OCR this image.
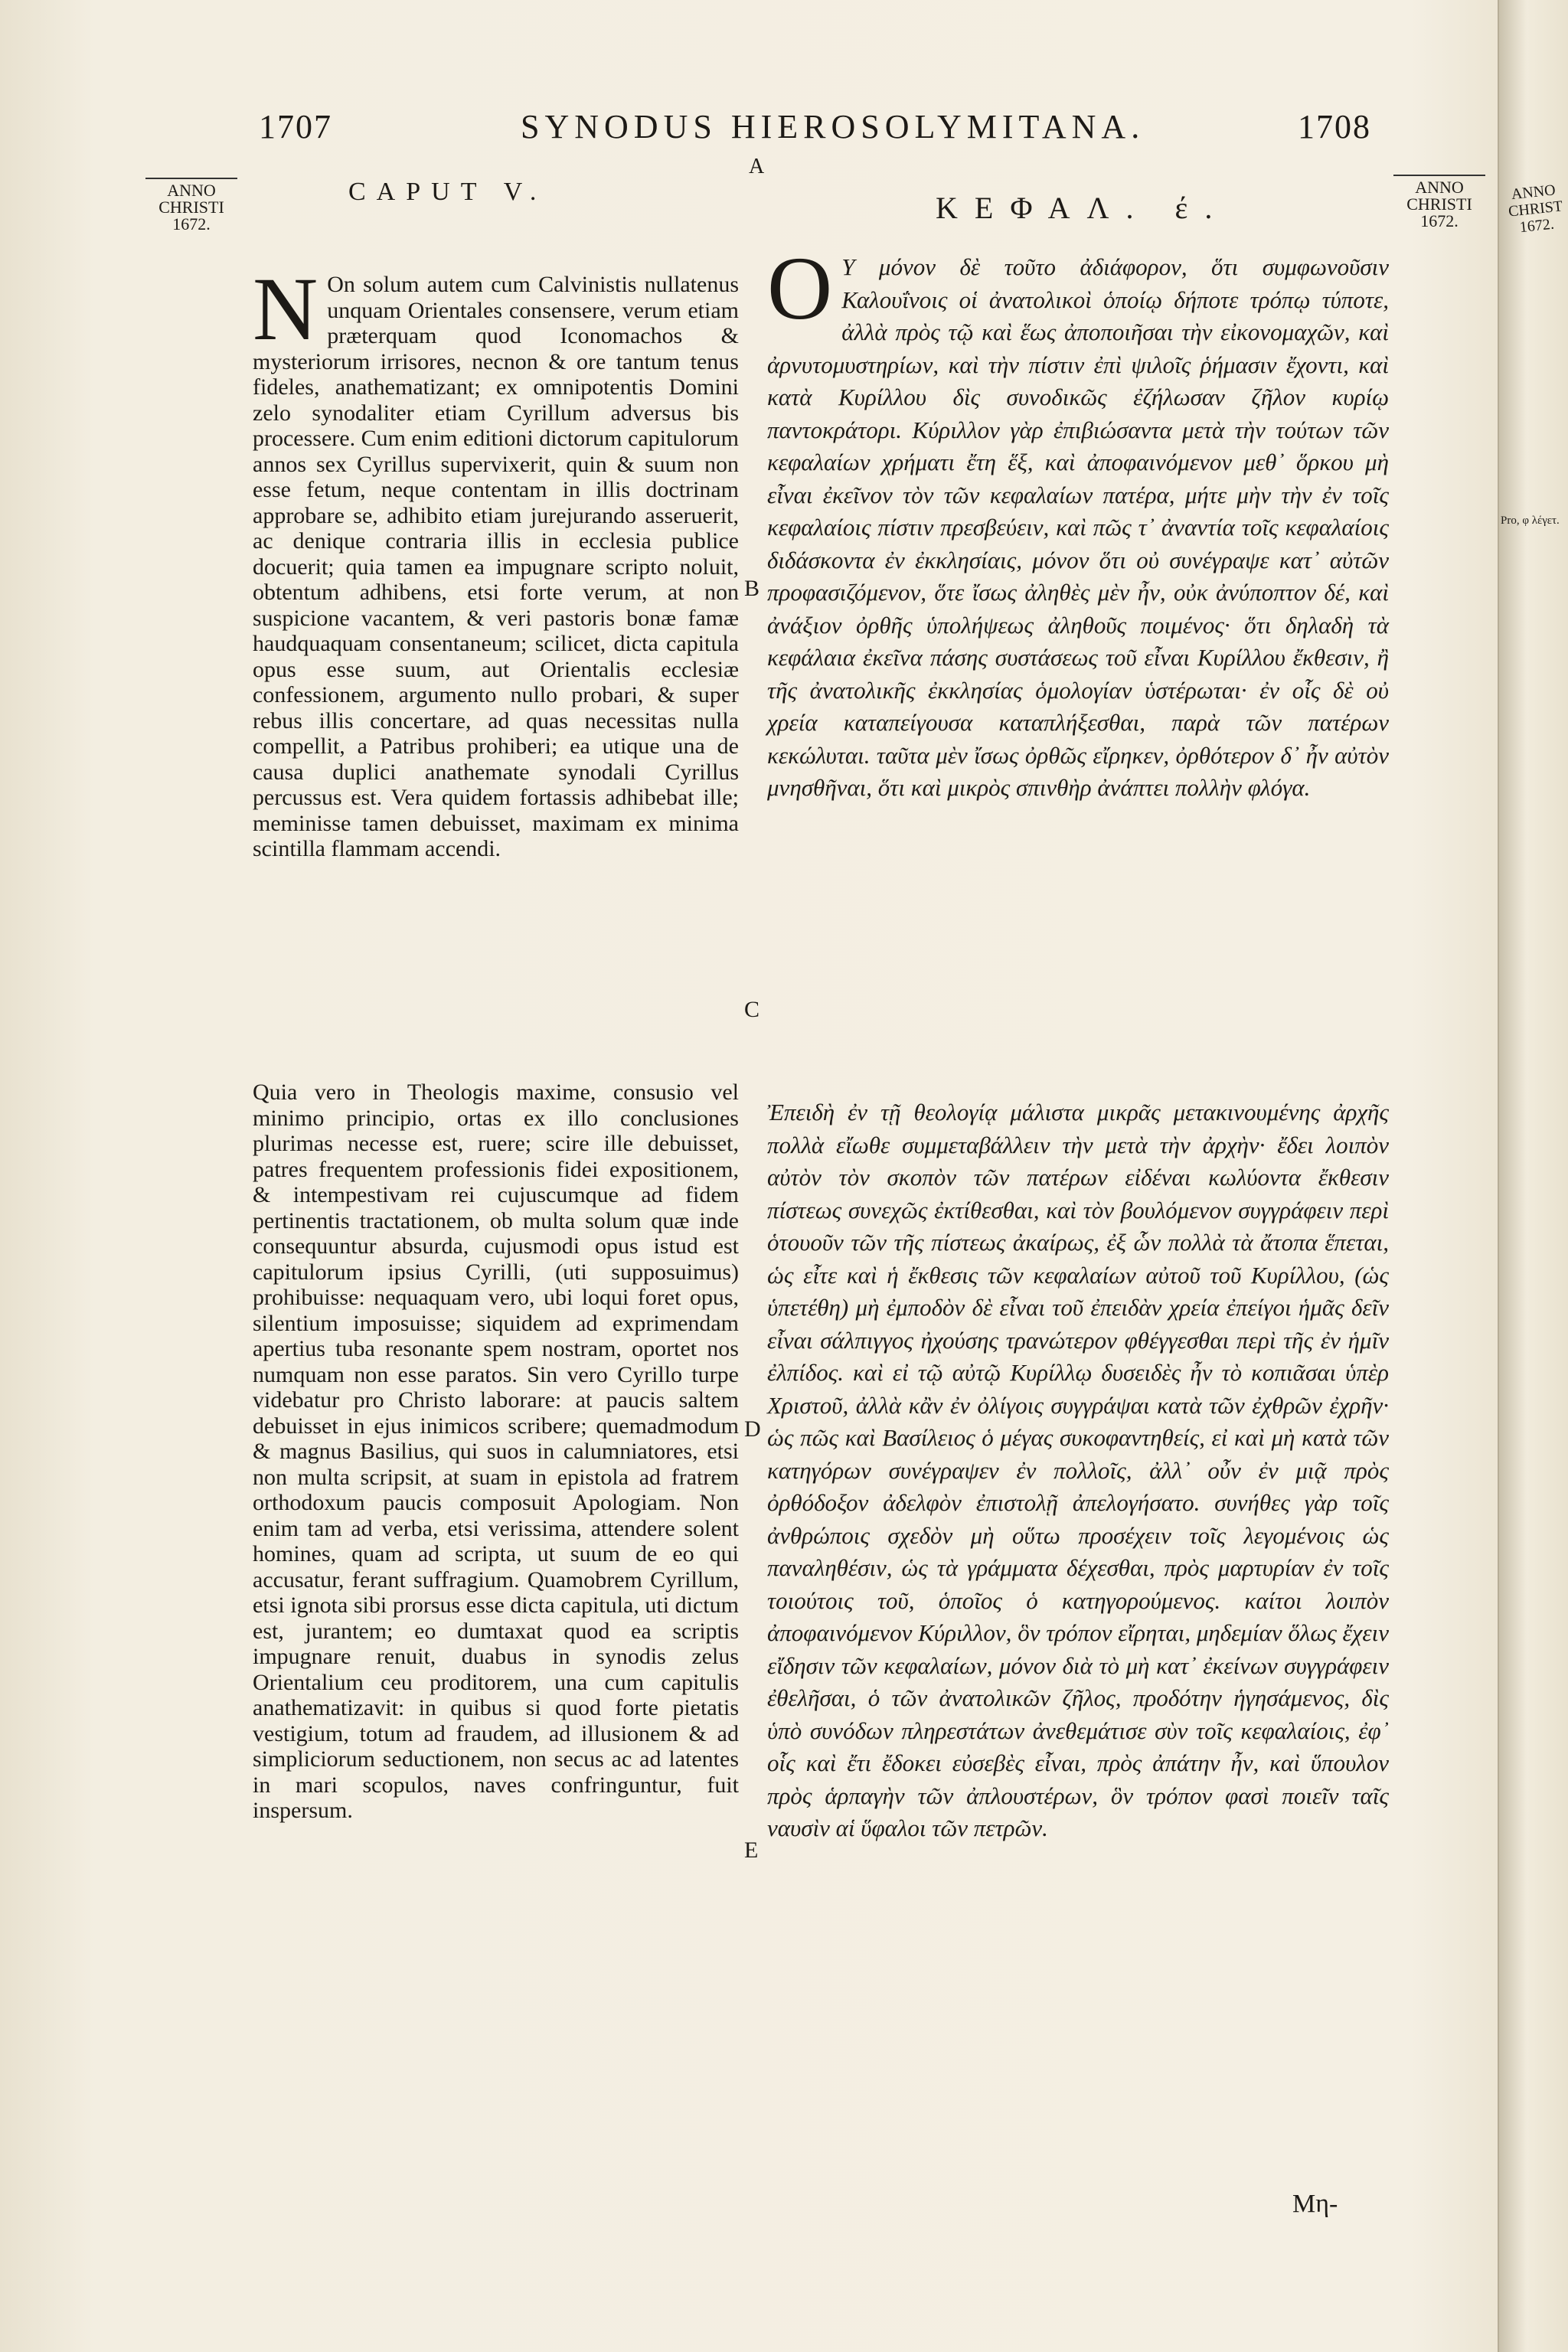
1707	SYNODUS HIEROSOLYMITANA.	1708
A
ANNO CHRISTI 1672.
ANNO CHRISTI 1672.
ANNO CHRIST 1672.
Pro, φ λέγετ.
CAPUT V.	ΚΕΦΑΛ. έ.
N On solum autem cum Calvinistis nullatenus unquam Orientales consensere, verum etiam præterquam quod Iconomachos & mysteriorum irrisores, necnon & ore tantum tenus fideles, anathematizant; ex omnipotentis Domini zelo synodaliter etiam Cyrillum adversus bis processere. Cum enim editioni dictorum capitulorum annos sex Cyrillus supervixerit, quin & suum non esse fetum, neque contentam in illis doctrinam approbare se, adhibito etiam jurejurando asseruerit, ac denique contraria illis in ecclesia publice docuerit; quia tamen ea impugnare scripto noluit, obtentum adhibens, etsi forte verum, at non suspicione vacantem, & veri pastoris bonæ famæ haudquaquam consentaneum; scilicet, dicta capitula opus esse suum, aut Orientalis ecclesiæ confessionem, argumento nullo probari, & super rebus illis concertare, ad quas necessitas nulla compellit, a Patribus prohiberi; ea utique una de causa duplici anathemate synodali Cyrillus percussus est. Vera quidem fortassis adhibebat ille; meminisse tamen debuisset, maximam ex minima scintilla flammam accendi.

Quia vero in Theologis maxime, consusio vel minimo principio, ortas ex illo conclusiones plurimas necesse est, ruere; scire ille debuisset, patres frequentem professionis fidei expositionem, & intempestivam rei cujuscumque ad fidem pertinentis tractationem, ob multa solum quæ inde consequuntur absurda, cujusmodi opus istud est capitulorum ipsius Cyrilli, (uti supposuimus) prohibuisse: nequaquam vero, ubi loqui foret opus, silentium imposuisse; siquidem ad exprimendam apertius tuba resonante spem nostram, oportet nos numquam non esse paratos. Sin vero Cyrillo turpe videbatur pro Christo laborare: at paucis saltem debuisset in ejus inimicos scribere; quemadmodum & magnus Basilius, qui suos in calumniatores, etsi non multa scripsit, at suam in epistola ad fratrem orthodoxum paucis composuit Apologiam. Non enim tam ad verba, etsi verissima, attendere solent homines, quam ad scripta, ut suum de eo qui accusatur, ferant suffragium. Quamobrem Cyrillum, etsi ignota sibi prorsus esse dicta capitula, uti dictum est, jurantem; eo dumtaxat quod ea scriptis impugnare renuit, duabus in synodis zelus Orientalium ceu proditorem, una cum capitulis anathematizavit: in quibus si quod forte pietatis vestigium, totum ad fraudem, ad illusionem & ad simpliciorum seductionem, non secus ac ad latentes in mari scopulos, naves confringuntur, fuit inspersum.

Ο Υ μόνον δὲ τοῦτο ἀδιάφορον, ὅτι συμφωνοῦσιν Καλουΐνοις οἱ ἀνατολικοὶ ὁποίῳ δήποτε τρόπῳ τύποτε, ἀλλὰ πρὸς τῷ καὶ ἕως ἀποποιῆσαι τὴν εἰκονομαχῶν, καὶ ἀρνυτομυστηρίων, καὶ τὴν πίστιν ἐπὶ ψιλοῖς ῥήμασιν ἔχοντι, καὶ κατὰ Κυρίλλου δὶς συνοδικῶς ἐζήλωσαν ζῆλον κυρίῳ παντοκράτορι. Κύριλλον γὰρ ἐπιβιώσαντα μετὰ τὴν τούτων τῶν κεφαλαίων χρήματι ἔτη ἕξ, καὶ ἀποφαινόμενον μεθ᾽ ὅρκου μὴ εἶναι ἐκεῖνον τὸν τῶν κεφαλαίων πατέρα, μήτε μὴν τὴν ἐν τοῖς κεφαλαίοις πίστιν πρεσβεύειν, καὶ πῶς τ᾽ ἀναντία τοῖς κεφαλαίοις διδάσκοντα ἐν ἐκκλησίαις, μόνον ὅτι οὐ συνέγραψε κατ᾽ αὐτῶν προφασιζόμενον, ὅτε ἴσως ἀληθὲς μὲν ἦν, οὐκ ἀνύποπτον δέ, καὶ ἀνάξιον ὀρθῆς ὑπολήψεως ἀληθοῦς ποιμένος· ὅτι δηλαδὴ τὰ κεφάλαια ἐκεῖνα πάσης συστάσεως τοῦ εἶναι Κυρίλλου ἔκθεσιν, ἢ τῆς ἀνατολικῆς ἐκκλησίας ὁμολογίαν ὑστέρωται· ἐν οἷς δὲ οὐ χρεία καταπείγουσα καταπλήξεσθαι, παρὰ τῶν πατέρων κεκώλυται. ταῦτα μὲν ἴσως ὀρθῶς εἴρηκεν, ὀρθότερον δ᾽ ἦν αὐτὸν μνησθῆναι, ὅτι καὶ μικρὸς σπινθὴρ ἀνάπτει πολλὴν φλόγα.

Ἐπειδὴ ἐν τῇ θεολογίᾳ μάλιστα μικρᾶς μετακινουμένης ἀρχῆς πολλὰ εἴωθε συμμεταβάλλειν τὴν μετὰ τὴν ἀρχὴν· ἔδει λοιπὸν αὐτὸν τὸν σκοπὸν τῶν πατέρων εἰδέναι κωλύοντα ἔκθεσιν πίστεως συνεχῶς ἐκτίθεσθαι, καὶ τὸν βουλόμενον συγγράφειν περὶ ὁτουοῦν τῶν τῆς πίστεως ἀκαίρως, ἐξ ὧν πολλὰ τὰ ἄτοπα ἕπεται, ὡς εἶτε καὶ ἡ ἔκθεσις τῶν κεφαλαίων αὐτοῦ τοῦ Κυρίλλου, (ὡς ὑπετέθη) μὴ ἐμποδὸν δὲ εἶναι τοῦ ἐπειδὰν χρεία ἐπείγοι ἡμᾶς δεῖν εἶναι σάλπιγγος ἠχούσης τρανώτερον φθέγγεσθαι περὶ τῆς ἐν ἡμῖν ἐλπίδος. καὶ εἰ τῷ αὐτῷ Κυρίλλῳ δυσειδὲς ἦν τὸ κοπιᾶσαι ὑπὲρ Χριστοῦ, ἀλλὰ κἂν ἐν ὀλίγοις συγγράψαι κατὰ τῶν ἐχθρῶν ἐχρῆν· ὡς πῶς καὶ Βασίλειος ὁ μέγας συκοφαντηθείς, εἰ καὶ μὴ κατὰ τῶν κατηγόρων συνέγραψεν ἐν πολλοῖς, ἀλλ᾽ οὖν ἐν μιᾷ πρὸς ὀρθόδοξον ἀδελφὸν ἐπιστολῇ ἀπελογήσατο. συνήθες γὰρ τοῖς ἀνθρώποις σχεδὸν μὴ οὕτω προσέχειν τοῖς λεγομένοις ὡς παναληθέσιν, ὡς τὰ γράμματα δέχεσθαι, πρὸς μαρτυρίαν ἐν τοῖς τοιούτοις τοῦ, ὁποῖος ὁ κατηγορούμενος. καίτοι λοιπὸν ἀποφαινόμενον Κύριλλον, ὃν τρόπον εἴρηται, μηδεμίαν ὅλως ἔχειν εἴδησιν τῶν κεφαλαίων, μόνον διὰ τὸ μὴ κατ᾽ ἐκείνων συγγράφειν ἐθελῆσαι, ὁ τῶν ἀνατολικῶν ζῆλος, προδότην ἡγησάμενος, δὶς ὑπὸ συνόδων πληρεστάτων ἀνεθεμάτισε σὺν τοῖς κεφαλαίοις, ἐφ᾽ οἷς καὶ ἔτι ἔδοκει εὐσεβὲς εἶναι, πρὸς ἀπάτην ἦν, καὶ ὕπουλον πρὸς ἁρπαγὴν τῶν ἀπλουστέρων, ὃν τρόπον φασὶ ποιεῖν ταῖς ναυσὶν αἱ ὕφαλοι τῶν πετρῶν.

B
C
D
E
Μη-
